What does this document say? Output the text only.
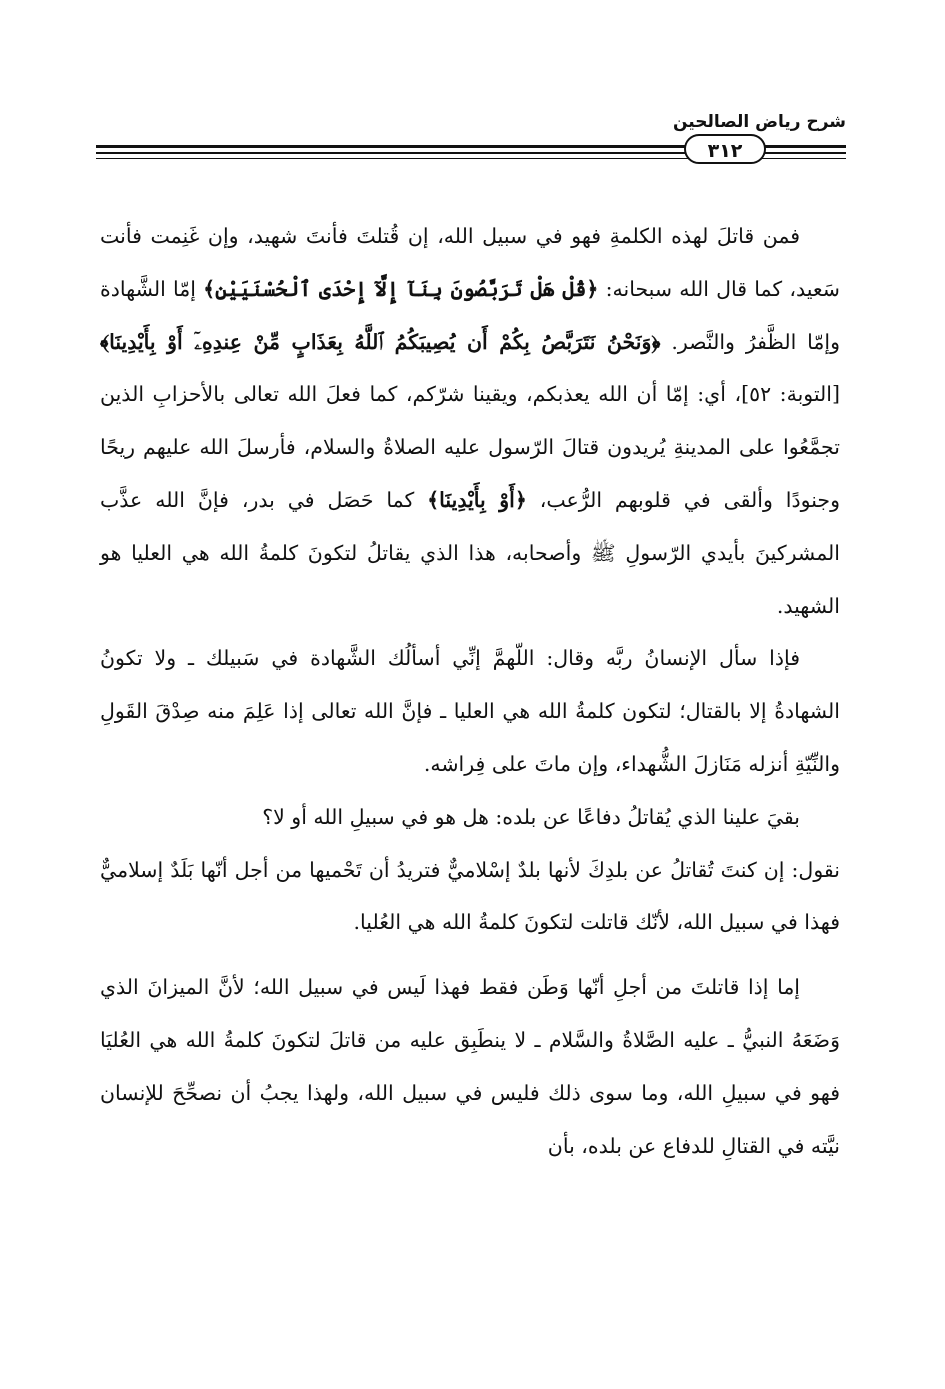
شرح رياض الصالحين
٣١٢

فمن قاتلَ لهذه الكلمةِ فهو في سبيل الله، إن قُتلتَ فأنتَ شهيد، وإن غَنِمت فأنت سَعيد، كما قال الله سبحانه: ﴿قُلْ هَلْ تَرَبَّصُونَ بِنَآ إِلَّآ إِحْدَى ٱلْحُسْنَيَيْنِ﴾ إمّا الشَّهادة وإمّا الظَّفرُ والنَّصر. ﴿وَنَحْنُ نَتَرَبَّصُ بِكُمْ أَن يُصِيبَكُمُ ٱللَّهُ بِعَذَابٍ مِّنْ عِندِهِۦٓ أَوْ بِأَيْدِينَا﴾ [التوبة: ٥٢]، أي: إمّا أن الله يعذبكم، ويقينا شرّكم، كما فعلَ الله تعالى بالأحزابِ الذين تجمَّعُوا على المدينةِ يُريدون قتالَ الرّسول عليه الصلاةُ والسلام، فأرسلَ الله عليهم ريحًا وجنودًا وألقى في قلوبهم الرُّعب، ﴿أَوْ بِأَيْدِينَا﴾ كما حَصَل في بدر، فإنَّ الله عذَّب المشركينَ بأيدي الرّسولِ ﷺ وأصحابه، هذا الذي يقاتلُ لتكونَ كلمةُ الله هي العليا هو الشهيد.

فإذا سأل الإنسانُ ربَّه وقال: اللّهمَّ إنِّي أسألُك الشَّهادة في سَبيلك ـ ولا تكونُ الشهادةُ إلا بالقتال؛ لتكون كلمةُ الله هي العليا ـ فإنَّ الله تعالى إذا عَلِمَ منه صِدْقَ القَولِ والنِّيّةِ أنزله مَنَازلَ الشُّهداء، وإن ماتَ على فِراشه.

بقيَ علينا الذي يُقاتلُ دفاعًا عن بلده: هل هو في سبيلِ الله أو لا؟

نقول: إن كنتَ تُقاتلُ عن بلدِكَ لأنها بلدٌ إسْلاميٌّ فتريدُ أن تَحْميها من أجل أنّها بَلَدٌ إسلاميٌّ فهذا في سبيل الله، لأنّك قاتلت لتكونَ كلمةُ الله هي العُليا.

إما إذا قاتلتَ من أجلِ أنّها وَطَن فقط فهذا لَيس في سبيل الله؛ لأنَّ الميزانَ الذي وَضَعَهُ النبيُّ ـ عليه الصَّلاةُ والسَّلام ـ لا ينطَبِق عليه من قاتلَ لتكونَ كلمةُ الله هي العُليَا فهو في سبيلِ الله، وما سوى ذلك فليس في سبيل الله، ولهذا يجبُ أن نصحِّحَ للإنسان نيَّته في القتالِ للدفاع عن بلده، بأن
